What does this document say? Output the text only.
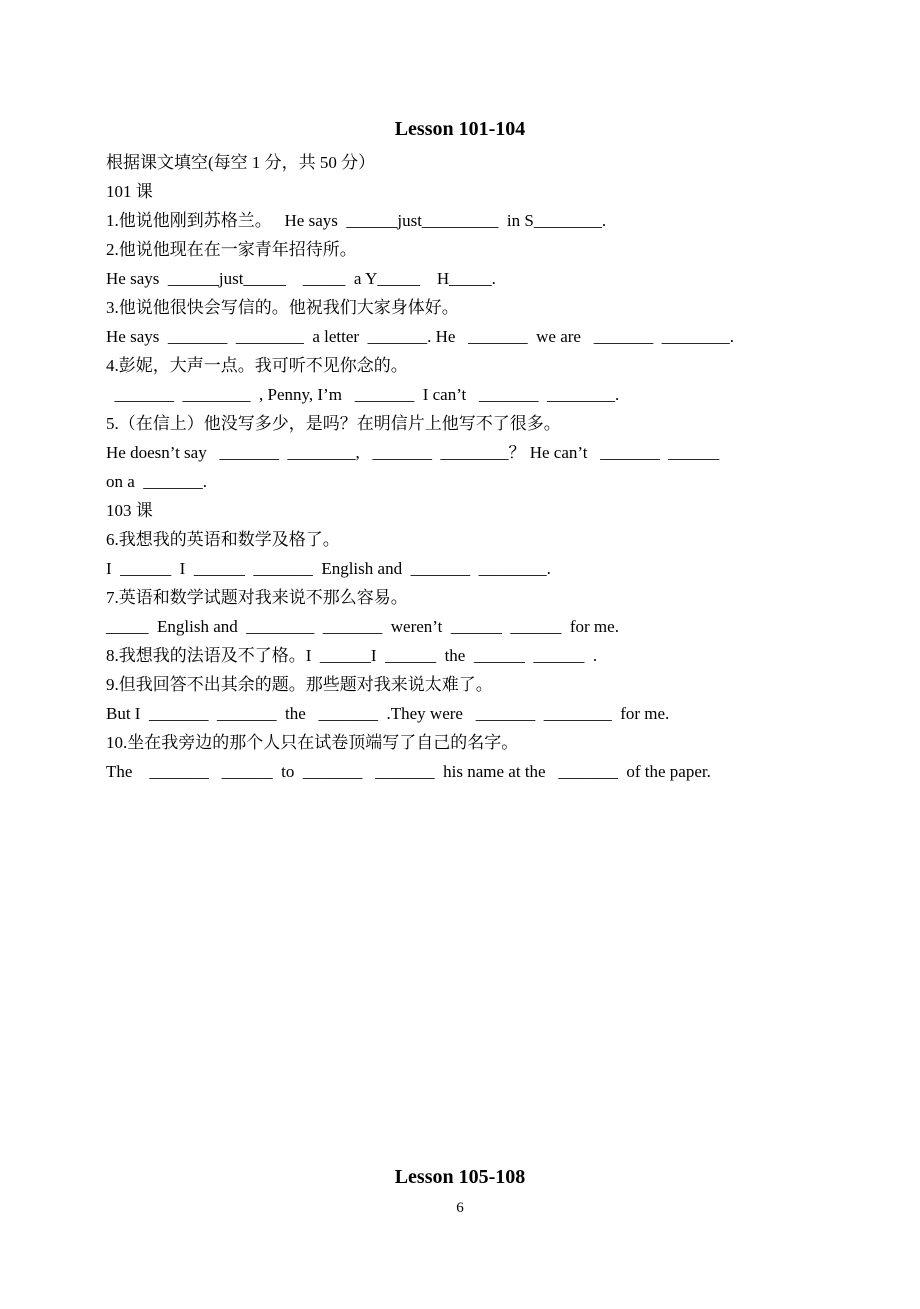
Lesson 101-104
根据课文填空(每空 1 分，共 50 分）
101 课
1.他说他刚到苏格兰。   He says  ______just_________  in S________.
2.他说他现在在一家青年招待所。
He says  ______just_____    _____  a Y_____    H_____.
3.他说他很快会写信的。他祝我们大家身体好。
He says  _______  ________  a letter  _______. He   _______  we are   _______  ________.
4.彭妮，大声一点。我可听不见你念的。
_______  ________  , Penny, I’m   _______  I can’t   _______  ________.
5.（在信上）他没写多少，是吗？在明信片上他写不了很多。
He doesn’t say   _______  ________,   _______  ________？ He can’t   _______  ______
on a  _______.
103 课
6.我想我的英语和数学及格了。
I  ______  I  ______  _______  English and  _______  ________.
7.英语和数学试题对我来说不那么容易。
_____  English and  ________  _______  weren’t  ______  ______  for me.
8.我想我的法语及不了格。I  ______I  ______  the  ______  ______  .
9.但我回答不出其余的题。那些题对我来说太难了。
But I  _______  _______  the   _______  .They were   _______  ________  for me.
10.坐在我旁边的那个人只在试卷顶端写了自己的名字。
The    _______   ______  to  _______   _______  his name at the   _______  of the paper.
Lesson 105-108
6
